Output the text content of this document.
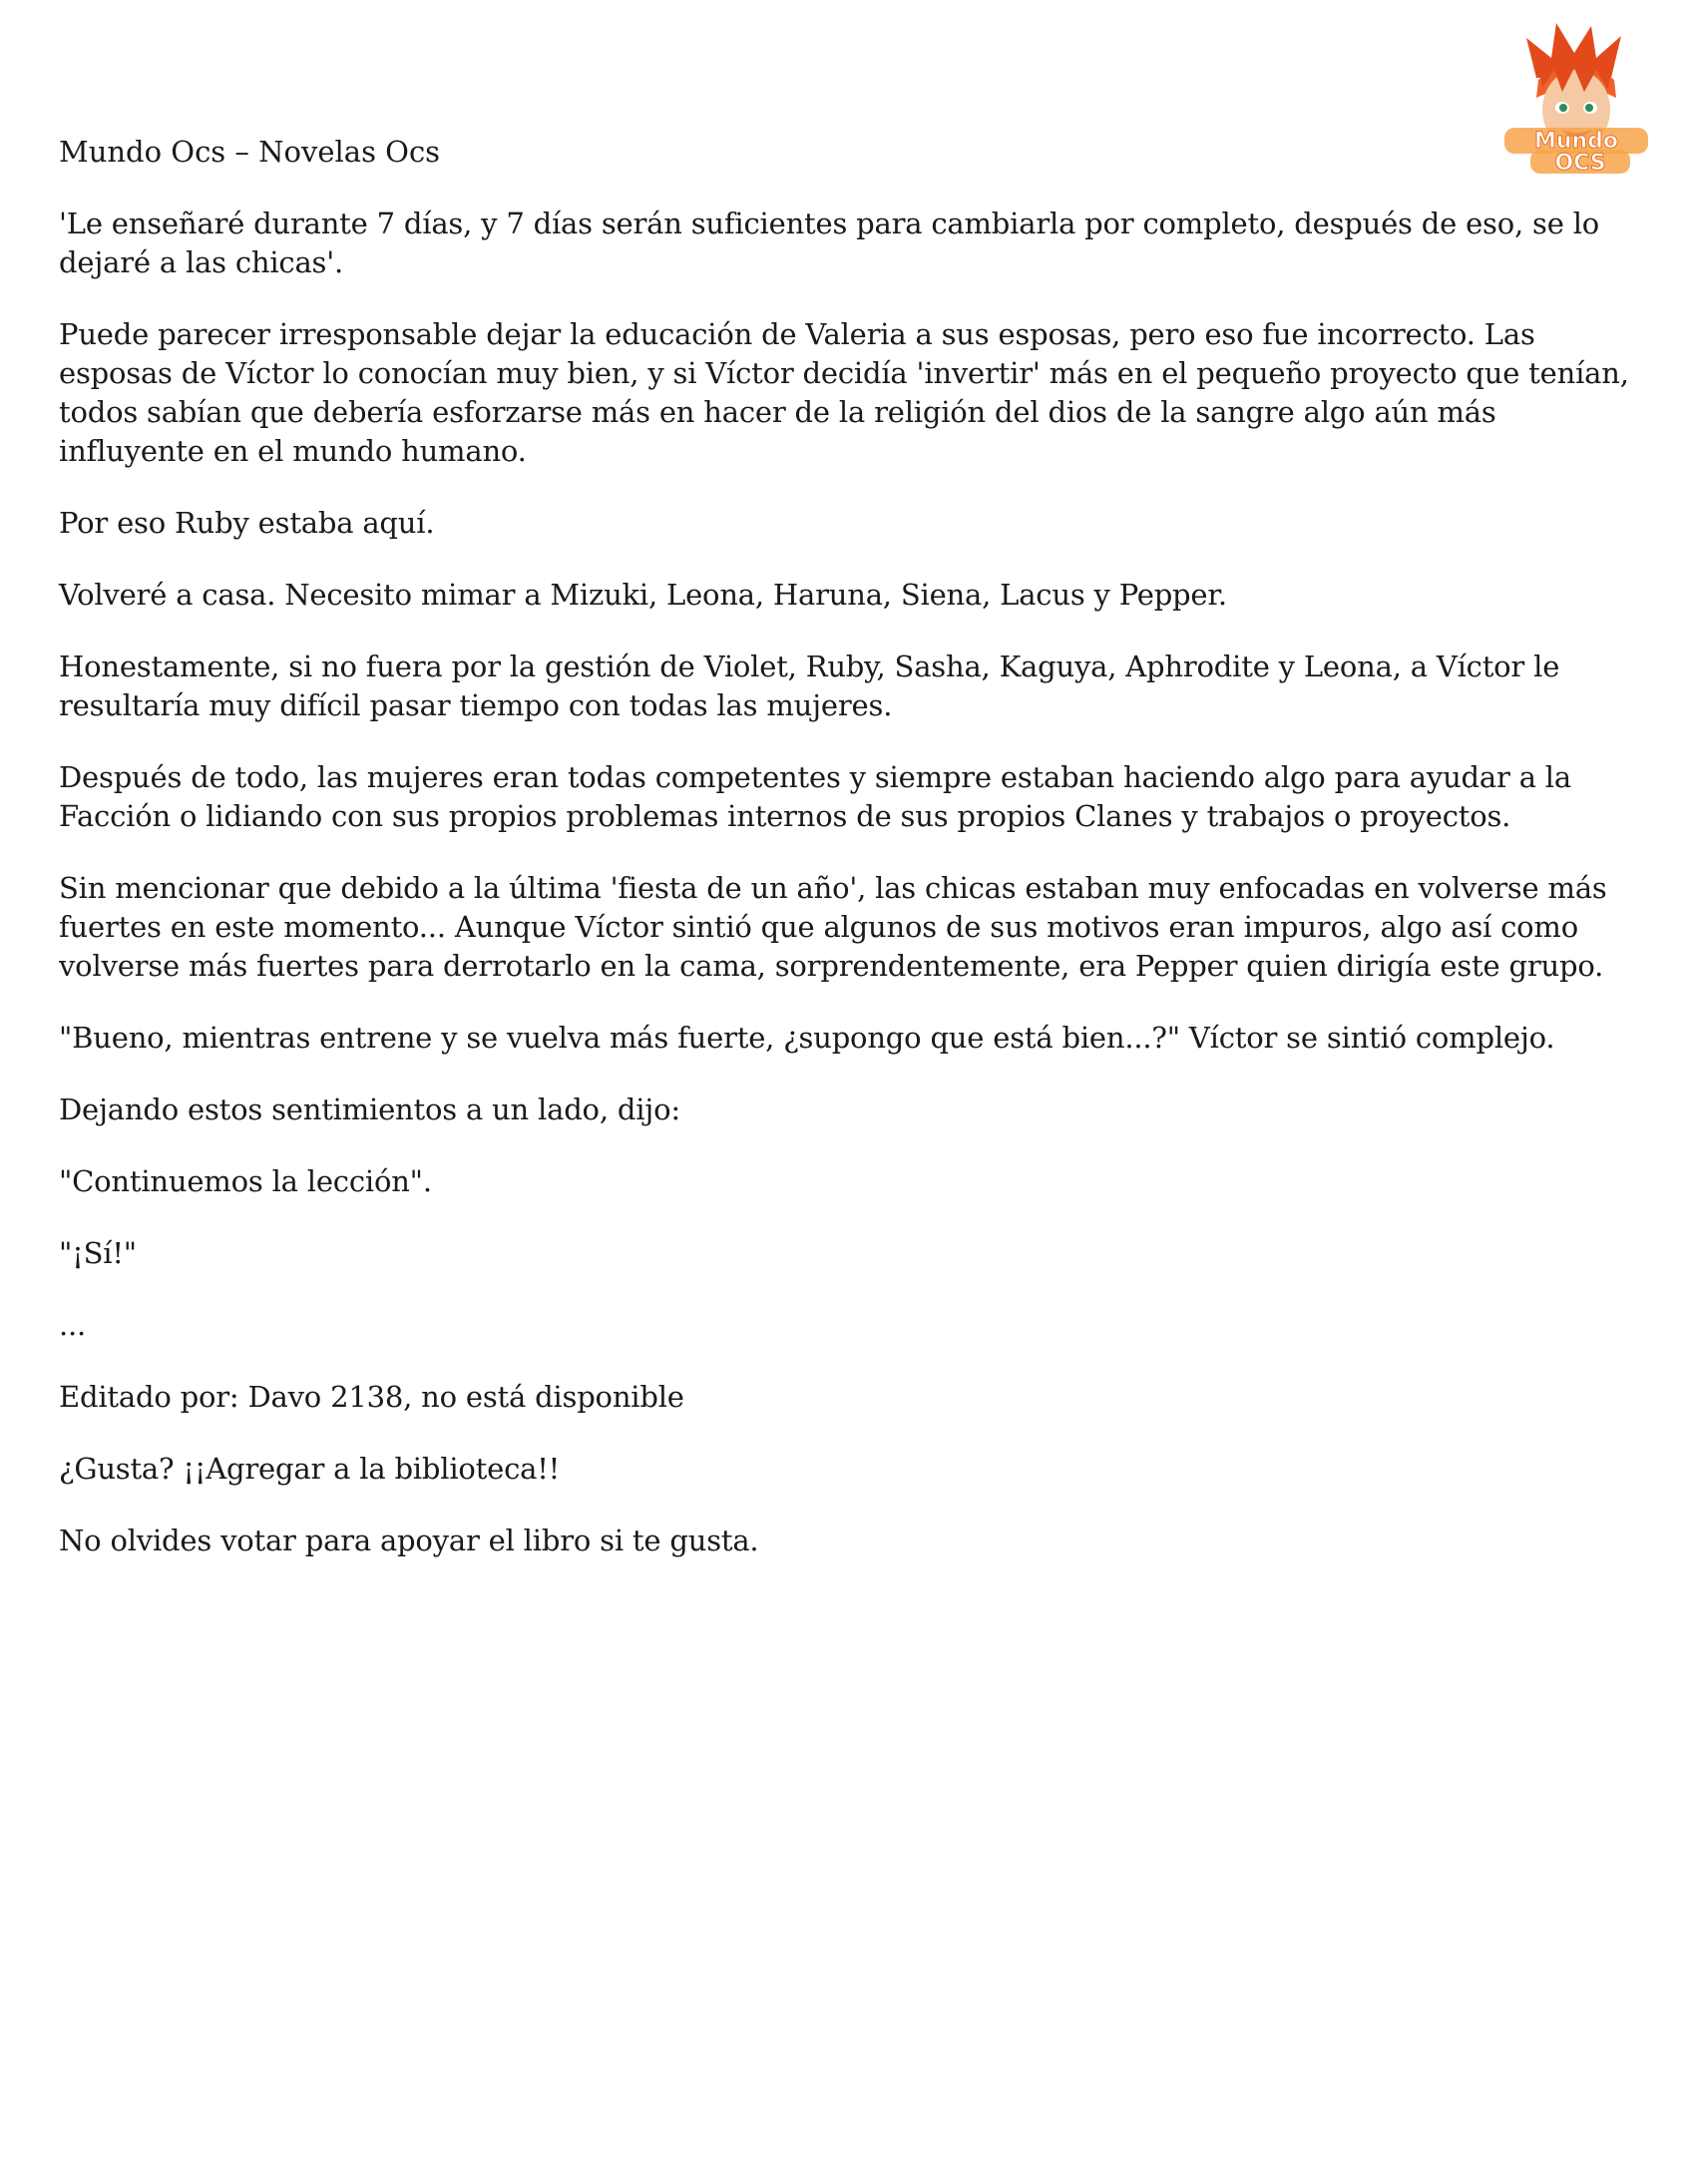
Mundo
OCS
Mundo Ocs – Novelas Ocs

'Le enseñaré durante 7 días, y 7 días serán suficientes para cambiarla por completo, después de eso, se lo dejaré a las chicas'.

Puede parecer irresponsable dejar la educación de Valeria a sus esposas, pero eso fue incorrecto. Las esposas de Víctor lo conocían muy bien, y si Víctor decidía 'invertir' más en el pequeño proyecto que tenían, todos sabían que debería esforzarse más en hacer de la religión del dios de la sangre algo aún más influyente en el mundo humano.

Por eso Ruby estaba aquí.

Volveré a casa. Necesito mimar a Mizuki, Leona, Haruna, Siena, Lacus y Pepper.

Honestamente, si no fuera por la gestión de Violet, Ruby, Sasha, Kaguya, Aphrodite y Leona, a Víctor le resultaría muy difícil pasar tiempo con todas las mujeres.

Después de todo, las mujeres eran todas competentes y siempre estaban haciendo algo para ayudar a la Facción o lidiando con sus propios problemas internos de sus propios Clanes y trabajos o proyectos.

Sin mencionar que debido a la última 'fiesta de un año', las chicas estaban muy enfocadas en volverse más fuertes en este momento... Aunque Víctor sintió que algunos de sus motivos eran impuros, algo así como volverse más fuertes para derrotarlo en la cama, sorprendentemente, era Pepper quien dirigía este grupo.

"Bueno, mientras entrene y se vuelva más fuerte, ¿supongo que está bien...?" Víctor se sintió complejo.

Dejando estos sentimientos a un lado, dijo:

"Continuemos la lección".

"¡Sí!"

...

Editado por: Davo 2138, no está disponible

¿Gusta? ¡¡Agregar a la biblioteca!!

No olvides votar para apoyar el libro si te gusta.
